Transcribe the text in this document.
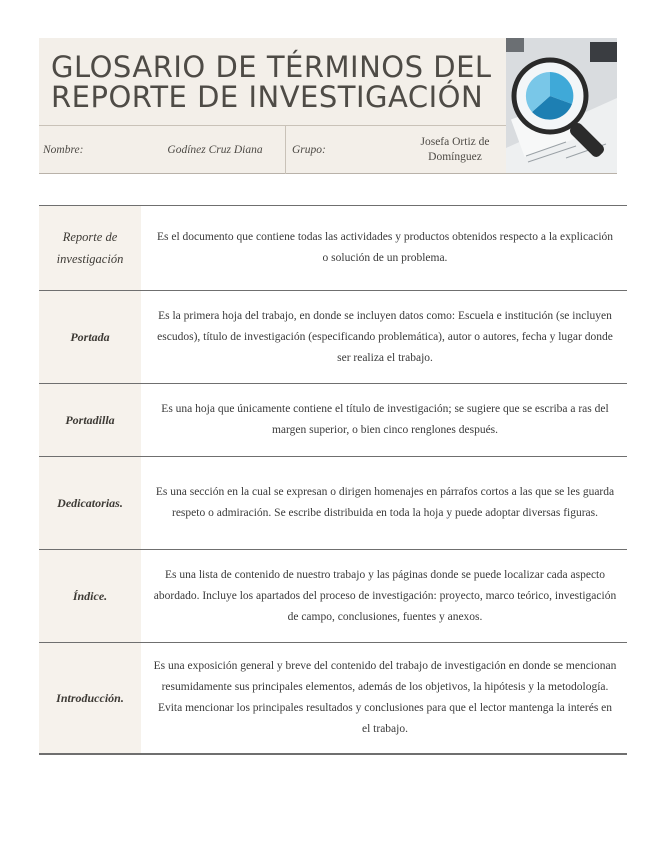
GLOSARIO DE TÉRMINOS DEL
REPORTE DE INVESTIGACIÓN
Nombre:	Godínez Cruz Diana	Grupo:
Josefa Ortiz de Domínguez
Reporte de investigación
Es el documento que contiene todas las actividades y productos obtenidos respecto a la explicación o solución de un problema.
Portada
Es la primera hoja del trabajo, en donde se incluyen datos como: Escuela e institución (se incluyen escudos), título de investigación (especificando problemática), autor o autores, fecha y lugar donde ser realiza el trabajo.
Portadilla
Es una hoja que únicamente contiene el título de investigación; se sugiere que se escriba a ras del margen superior, o bien cinco renglones después.
Dedicatorias.
Es una sección en la cual se expresan o dirigen homenajes en párrafos cortos a las que se les guarda respeto o admiración. Se escribe distribuida en toda la hoja y puede adoptar diversas figuras.
Índice.
Es una lista de contenido de nuestro trabajo y las páginas donde se puede localizar cada aspecto abordado. Incluye los apartados del proceso de investigación: proyecto, marco teórico, investigación de campo, conclusiones, fuentes y anexos.
Introducción.
Es una exposición general y breve del contenido del trabajo de investigación en donde se mencionan resumidamente sus principales elementos, además de los objetivos, la hipótesis y la metodología. Evita mencionar los principales resultados y conclusiones para que el lector mantenga la interés en el trabajo.
